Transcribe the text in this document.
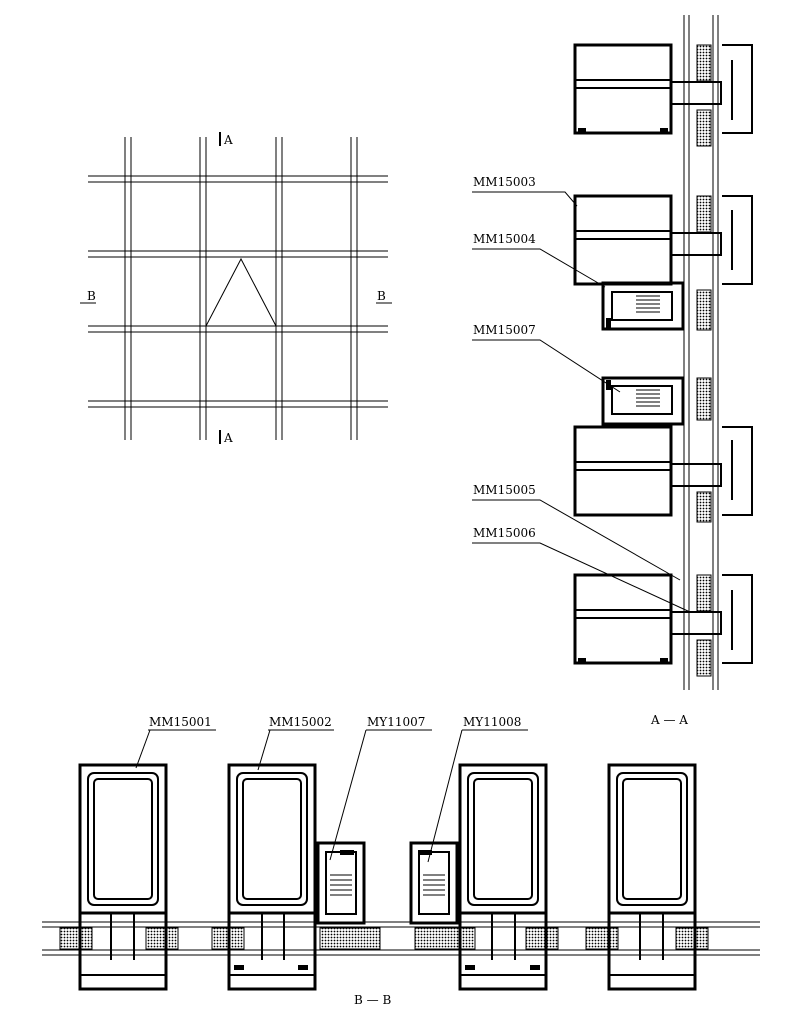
A
A
B	B
MM15003
MM15004
MM15007
MM15005
MM15006
A — A
MM15001	MM15002	MY11007	MY11008
B — B
